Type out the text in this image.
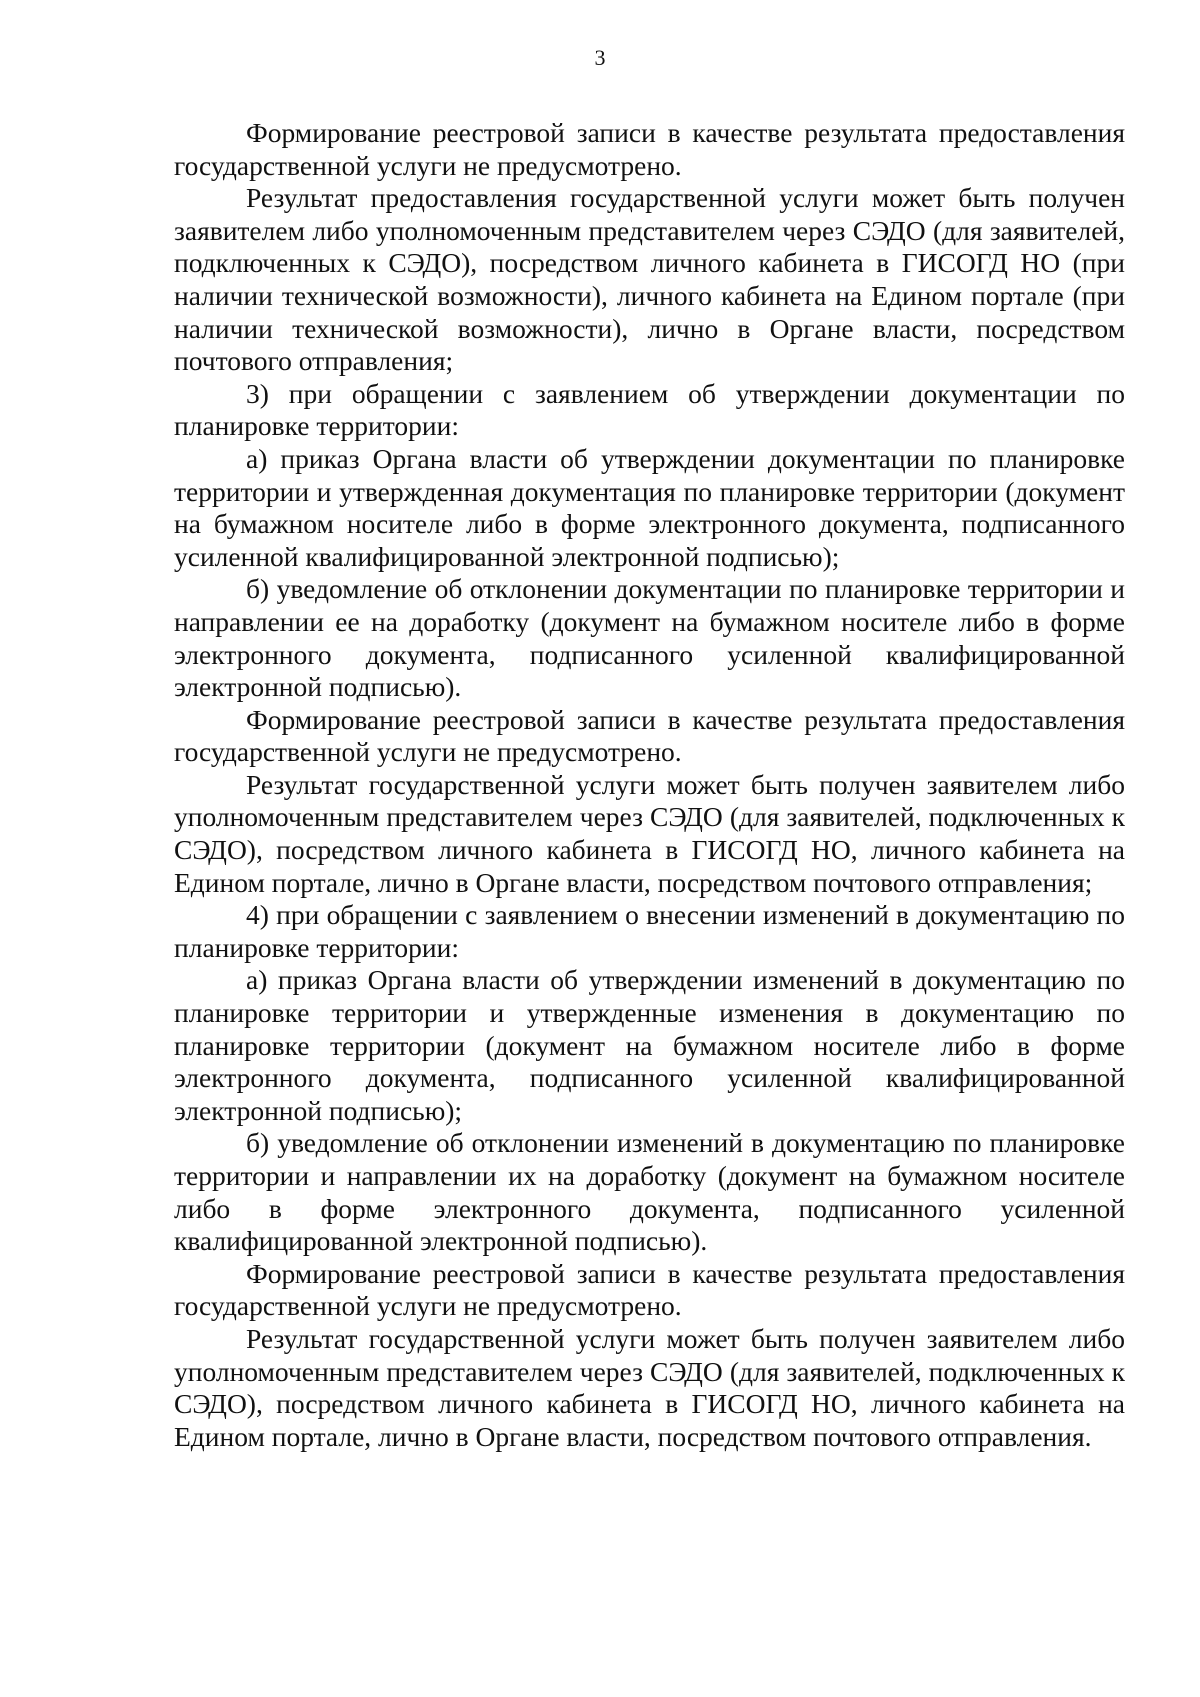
3

Формирование реестровой записи в качестве результата предоставления государственной услуги не предусмотрено.

Результат предоставления государственной услуги может быть получен заявителем либо уполномоченным представителем через СЭДО (для заявителей, подключенных к СЭДО), посредством личного кабинета в ГИСОГД НО (при наличии технической возможности), личного кабинета на Едином портале (при наличии технической возможности), лично в Органе власти, посредством почтового отправления;

3) при обращении с заявлением об утверждении документации по планировке территории:

а) приказ Органа власти об утверждении документации по планировке территории и утвержденная документация по планировке территории (документ на бумажном носителе либо в форме электронного документа, подписанного усиленной квалифицированной электронной подписью);

б) уведомление об отклонении документации по планировке территории и направлении ее на доработку (документ на бумажном носителе либо в форме электронного документа, подписанного усиленной квалифицированной электронной подписью).

Формирование реестровой записи в качестве результата предоставления государственной услуги не предусмотрено.

Результат государственной услуги может быть получен заявителем либо уполномоченным представителем через СЭДО (для заявителей, подключенных к СЭДО), посредством личного кабинета в ГИСОГД НО, личного кабинета на Едином портале, лично в Органе власти, посредством почтового отправления;

4) при обращении с заявлением о внесении изменений в документацию по планировке территории:

а) приказ Органа власти об утверждении изменений в документацию по планировке территории и утвержденные изменения в документацию по планировке территории (документ на бумажном носителе либо в форме электронного документа, подписанного усиленной квалифицированной электронной подписью);

б) уведомление об отклонении изменений в документацию по планировке территории и направлении их на доработку (документ на бумажном носителе либо в форме электронного документа, подписанного усиленной квалифицированной электронной подписью).

Формирование реестровой записи в качестве результата предоставления государственной услуги не предусмотрено.

Результат государственной услуги может быть получен заявителем либо уполномоченным представителем через СЭДО (для заявителей, подключенных к СЭДО), посредством личного кабинета в ГИСОГД НО, личного кабинета на Едином портале, лично в Органе власти, посредством почтового отправления.
